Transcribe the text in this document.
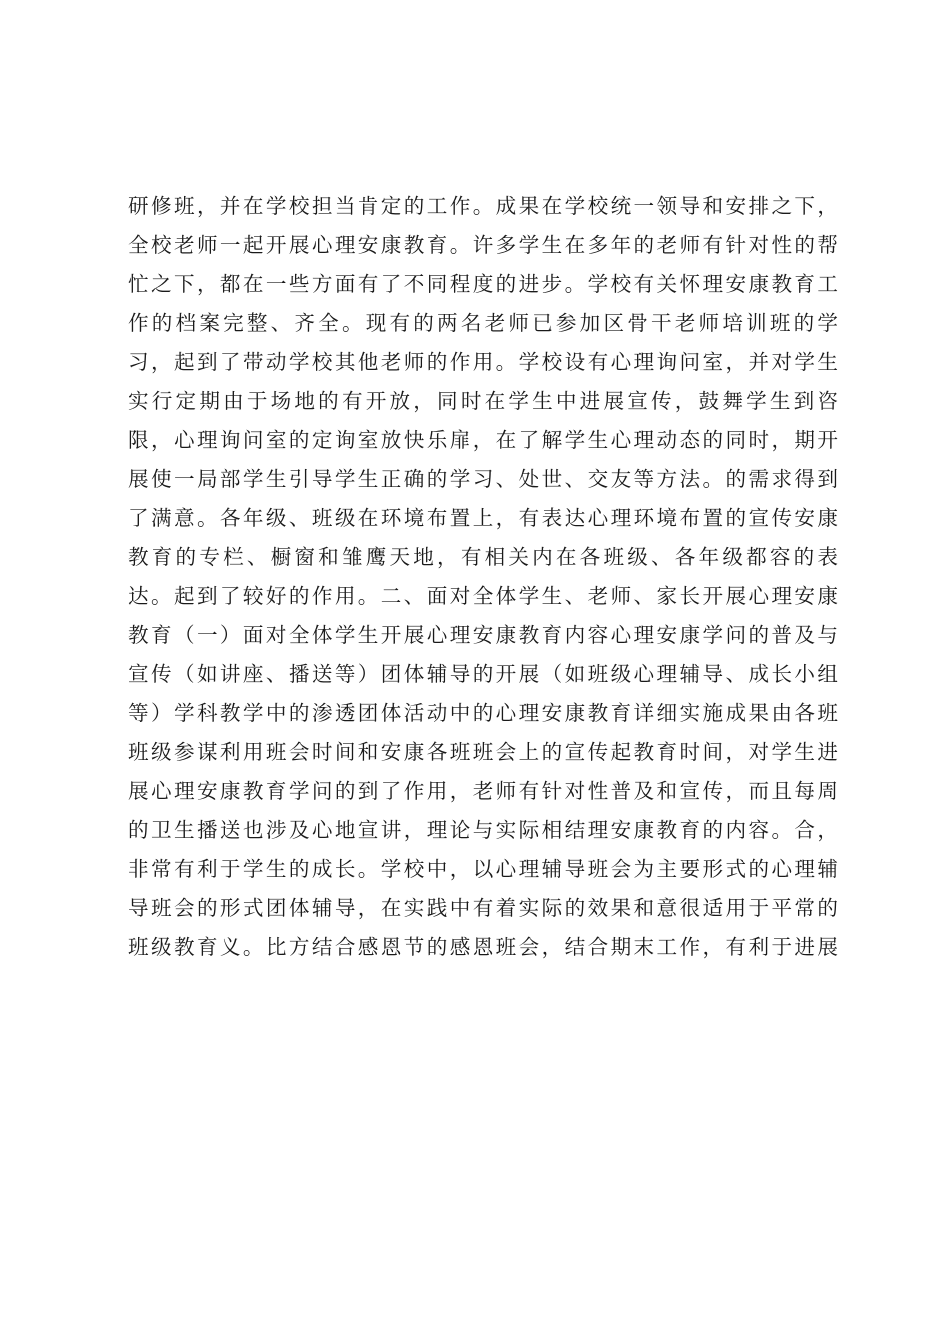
研修班，并在学校担当肯定的工作。成果在学校统一领导和安排之下，
全校老师一起开展心理安康教育。许多学生在多年的老师有针对性的帮
忙之下，都在一些方面有了不同程度的进步。学校有关怀理安康教育工
作的档案完整、齐全。现有的两名老师已参加区骨干老师培训班的学
习，起到了带动学校其他老师的作用。学校设有心理询问室，并对学生
实行定期由于场地的有开放，同时在学生中进展宣传，鼓舞学生到咨
限，心理询问室的定询室放快乐扉，在了解学生心理动态的同时，期开
展使一局部学生引导学生正确的学习、处世、交友等方法。的需求得到
了满意。各年级、班级在环境布置上，有表达心理环境布置的宣传安康
教育的专栏、橱窗和雏鹰天地，有相关内在各班级、各年级都容的表
达。起到了较好的作用。二、面对全体学生、老师、家长开展心理安康
教育（一）面对全体学生开展心理安康教育内容心理安康学问的普及与
宣传（如讲座、播送等）团体辅导的开展（如班级心理辅导、成长小组
等）学科教学中的渗透团体活动中的心理安康教育详细实施成果由各班
班级参谋利用班会时间和安康各班班会上的宣传起教育时间，对学生进
展心理安康教育学问的到了作用，老师有针对性普及和宣传，而且每周
的卫生播送也涉及心地宣讲，理论与实际相结理安康教育的内容。合，
非常有利于学生的成长。学校中，以心理辅导班会为主要形式的心理辅
导班会的形式团体辅导，在实践中有着实际的效果和意很适用于平常的
班级教育义。比方结合感恩节的感恩班会，结合期末工作，有利于进展
